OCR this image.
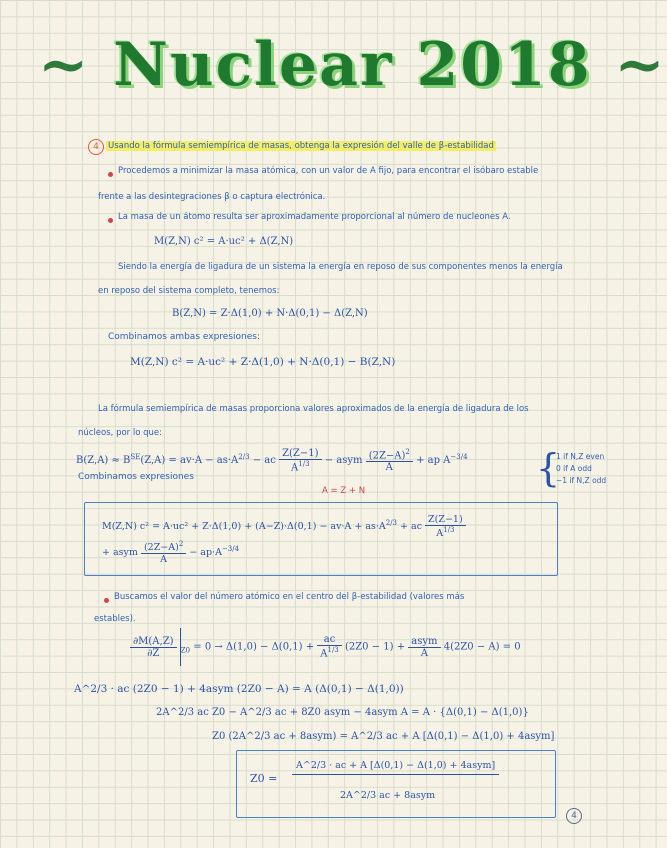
~ Nuclear 2018 ~
4	Usando la fórmula semiempírica de masas, obtenga la expresión del valle de β-estabilidad
Procedemos a minimizar la masa atómica, con un valor de A fijo, para encontrar el isóbaro estable
frente a las desintegraciones β o captura electrónica.
La masa de un átomo resulta ser aproximadamente proporcional al número de nucleones A.
M(Z,N) c² = A·uc² + Δ(Z,N)
Siendo la energía de ligadura de un sistema la energía en reposo de sus componentes menos la energía
en reposo del sistema completo, tenemos:
B(Z,N) = Z·Δ(1,0) + N·Δ(0,1) − Δ(Z,N)
Combinamos ambas expresiones:
M(Z,N) c² = A·uc² + Z·Δ(1,0) + N·Δ(0,1) − B(Z,N)
La fórmula semiempírica de masas proporciona valores aproximados de la energía de ligadura de los
núcleos, por lo que:
$B(Z,A) \approx B^{SE}(Z,A) = av\cdot A - as\cdot A^{2/3}$ − ac $\frac{Z(Z-1)}{A^{1/3}}$ − asym $\frac{(2Z-A)^2}{A}$ + ap $A^{-3/4}$ {
1 if N,Z even
0 if A odd
−1 if N,Z odd
Combinamos expresiones
A = Z + N
M(Z,N) $c^2 = A\cdot uc^2 + Z\cdot\Delta(1,0) + (A-Z)\cdot\Delta(0,1) - av\cdot A + as\cdot A^{2/3}$ + ac $\frac{Z(Z-1)}{A^{1/3}}$
+ asym $\frac{(2Z-A)^2}{A} - ap\cdot A^{-3/4}$
Buscamos el valor del número atómico en el centro del β-estabilidad (valores más
estables).
$\frac{\partial M(A,Z)}{\partial Z} _{Z0} = 0 \to \Delta(1,0) - \Delta(0,1) + \frac{ac}{A^{1/3}} (2Z0 - 1) + \frac{\text{asym}}{A} 4(2Z0 - A) = 0$
A^2/3 · ac (2Z0 − 1) + 4asym (2Z0 − A) = A (Δ(0,1) − Δ(1,0))
2A^2/3 ac Z0 − A^2/3 ac + 8Z0 asym − 4asym A = A · {Δ(0,1) − Δ(1,0)}
Z0 (2A^2/3 ac + 8asym) = A^2/3 ac + A [Δ(0,1) − Δ(1,0) + 4asym]
Z0 =
A^2/3 · ac + A [Δ(0,1) − Δ(1,0) + 4asym]
2A^2/3 ac + 8asym
4
